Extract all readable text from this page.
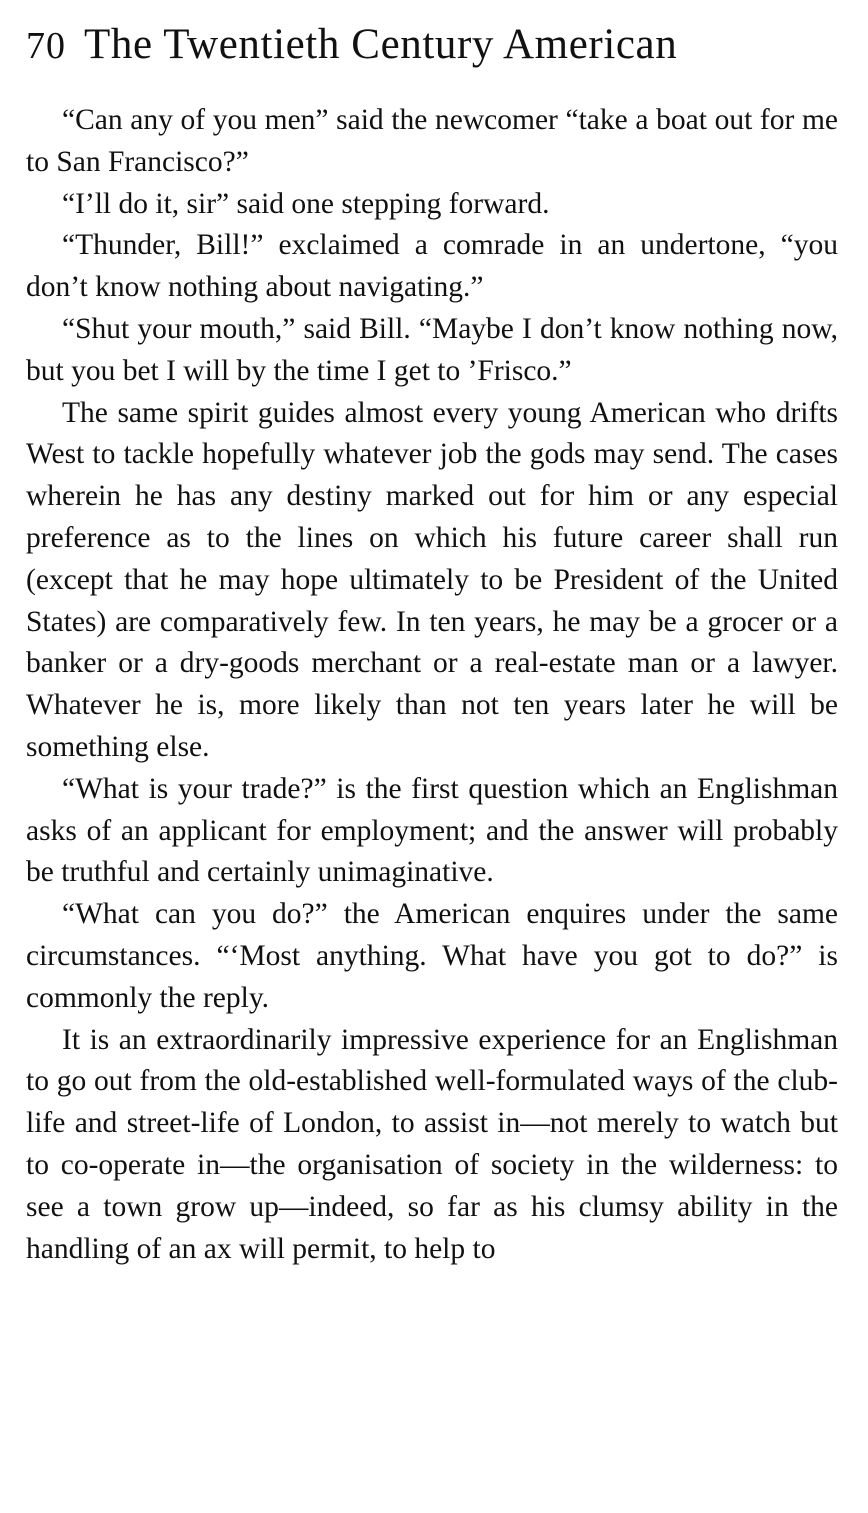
70 The Twentieth Century American

“Can any of you men” said the newcomer “take a boat out for me to San Francisco?”

“I’ll do it, sir” said one stepping forward.

“Thunder, Bill!” exclaimed a comrade in an undertone, “you don’t know nothing about navigating.”

“Shut your mouth,” said Bill. “Maybe I don’t know nothing now, but you bet I will by the time I get to ’Frisco.”

The same spirit guides almost every young American who drifts West to tackle hopefully whatever job the gods may send. The cases wherein he has any destiny marked out for him or any especial preference as to the lines on which his future career shall run (except that he may hope ultimately to be President of the United States) are comparatively few. In ten years, he may be a grocer or a banker or a dry-goods merchant or a real-estate man or a lawyer. Whatever he is, more likely than not ten years later he will be something else.

“What is your trade?” is the first question which an Englishman asks of an applicant for employment; and the answer will probably be truthful and certainly unimaginative.

“What can you do?” the American enquires under the same circumstances. “‘Most anything. What have you got to do?” is commonly the reply.

It is an extraordinarily impressive experience for an Englishman to go out from the old-established well-formulated ways of the club-life and street-life of London, to assist in—not merely to watch but to co-operate in—the organisation of society in the wilderness: to see a town grow up—indeed, so far as his clumsy ability in the handling of an ax will permit, to help to
